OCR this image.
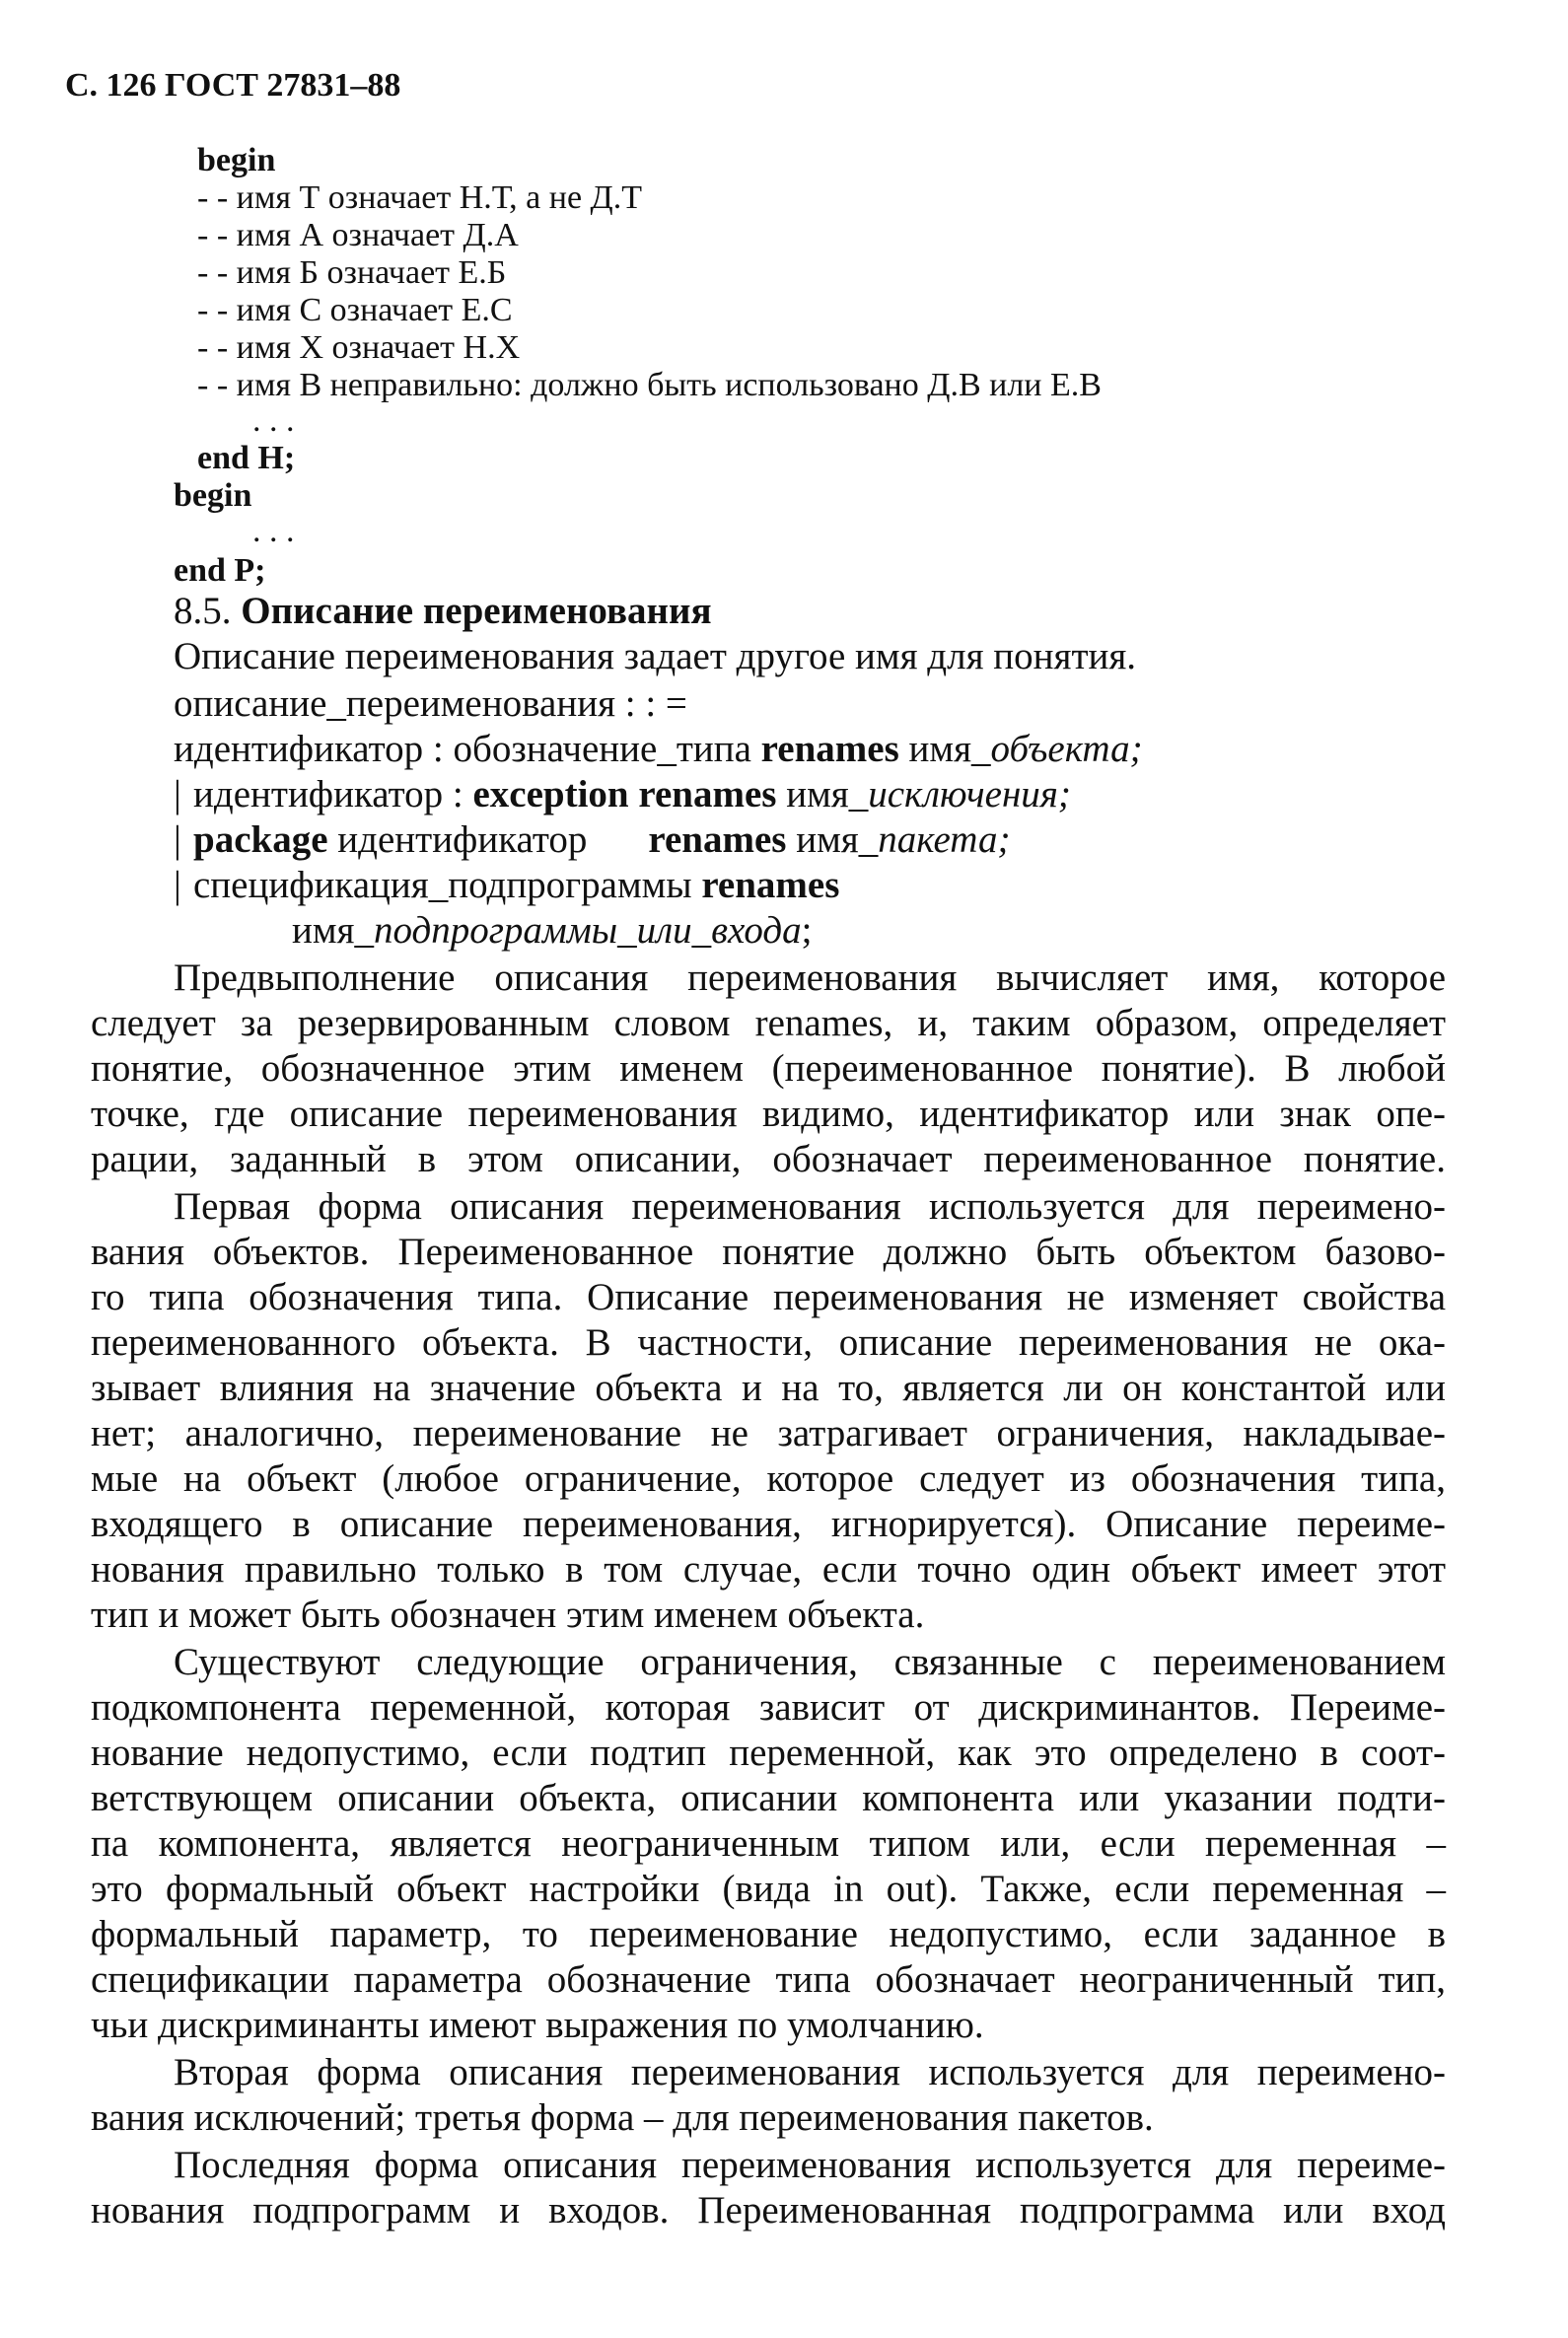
С. 126 ГОСТ 27831–88
begin
- - имя Т означает Н.Т, а не Д.Т
- - имя А означает Д.А
- - имя Б означает Е.Б
- - имя С означает Е.С
- - имя Х означает Н.Х
- - имя В неправильно: должно быть использовано Д.В или Е.В
. . .
end H;
begin
. . .
end P;
8.5. Описание переименования
Описание переименования задает другое имя для понятия.
описание_переименования : : =
идентификатор : обозначение_типа renames имя_объекта;
| идентификатор : exception renames имя_исключения;
| package идентификатор renames имя_пакета;
| спецификация_подпрограммы renames
имя_подпрограммы_или_входа;
Предвыполнение описания переименования вычисляет имя, которое
следует за резервированным словом renames, и, таким образом, определяет
понятие, обозначенное этим именем (переименованное понятие). В любой
точке, где описание переименования видимо, идентификатор или знак опе-
рации, заданный в этом описании, обозначает переименованное понятие.
Первая форма описания переименования используется для переимено-
вания объектов. Переименованное понятие должно быть объектом базово-
го типа обозначения типа. Описание переименования не изменяет свойства
переименованного объекта. В частности, описание переименования не ока-
зывает влияния на значение объекта и на то, является ли он константой или
нет; аналогично, переименование не затрагивает ограничения, накладывае-
мые на объект (любое ограничение, которое следует из обозначения типа,
входящего в описание переименования, игнорируется). Описание переиме-
нования правильно только в том случае, если точно один объект имеет этот
тип и может быть обозначен этим именем объекта.
Существуют следующие ограничения, связанные с переименованием
подкомпонента переменной, которая зависит от дискриминантов. Переиме-
нование недопустимо, если подтип переменной, как это определено в соот-
ветствующем описании объекта, описании компонента или указании подти-
па компонента, является неограниченным типом или, если переменная –
это формальный объект настройки (вида in out). Также, если переменная –
формальный параметр, то переименование недопустимо, если заданное в
спецификации параметра обозначение типа обозначает неограниченный тип,
чьи дискриминанты имеют выражения по умолчанию.
Вторая форма описания переименования используется для переимено-
вания исключений; третья форма – для переименования пакетов.
Последняя форма описания переименования используется для переиме-
нования подпрограмм и входов. Переименованная подпрограмма или вход
